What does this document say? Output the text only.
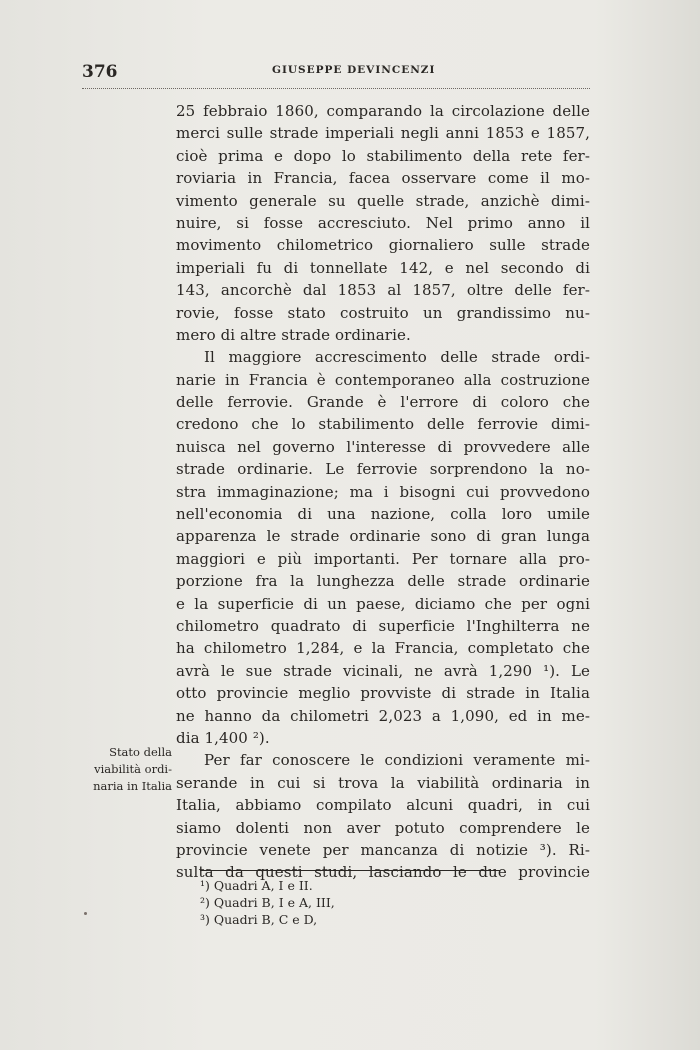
376	GIUSEPPE DEVINCENZI
25 febbraio 1860, comparando la circolazione delle
merci sulle strade imperiali negli anni 1853 e 1857,
cioè prima e dopo lo stabilimento della rete fer-
roviaria in Francia, facea osservare come il mo-
vimento generale su quelle strade, anzichè dimi-
nuire, si fosse accresciuto. Nel primo anno il
movimento chilometrico giornaliero sulle strade
imperiali fu di tonnellate 142, e nel secondo di
143, ancorchè dal 1853 al 1857, oltre delle fer-
rovie, fosse stato costruito un grandissimo nu-
mero di altre strade ordinarie.
Il maggiore accrescimento delle strade ordi-
narie in Francia è contemporaneo alla costruzione
delle ferrovie. Grande è l'errore di coloro che
credono che lo stabilimento delle ferrovie dimi-
nuisca nel governo l'interesse di provvedere alle
strade ordinarie. Le ferrovie sorprendono la no-
stra immaginazione; ma i bisogni cui provvedono
nell'economia di una nazione, colla loro umile
apparenza le strade ordinarie sono di gran lunga
maggiori e più importanti. Per tornare alla pro-
porzione fra la lunghezza delle strade ordinarie
e la superficie di un paese, diciamo che per ogni
chilometro quadrato di superficie l'Inghilterra ne
ha chilometro 1,284, e la Francia, completato che
avrà le sue strade vicinali, ne avrà 1,290 ¹). Le
otto provincie meglio provviste di strade in Italia
ne hanno da chilometri 2,023 a 1,090, ed in me-
dia 1,400 ²).
Per far conoscere le condizioni veramente mi-
serande in cui si trova la viabilità ordinaria in
Italia, abbiamo compilato alcuni quadri, in cui
siamo dolenti non aver potuto comprendere le
provincie venete per mancanza di notizie ³). Ri-
sulta da questi studi, lasciando le due provincie
Stato della
viabilità ordi-
naria in Italia
¹) Quadri A, I e II.
²) Quadri B, I e A, III,
³) Quadri B, C e D,
